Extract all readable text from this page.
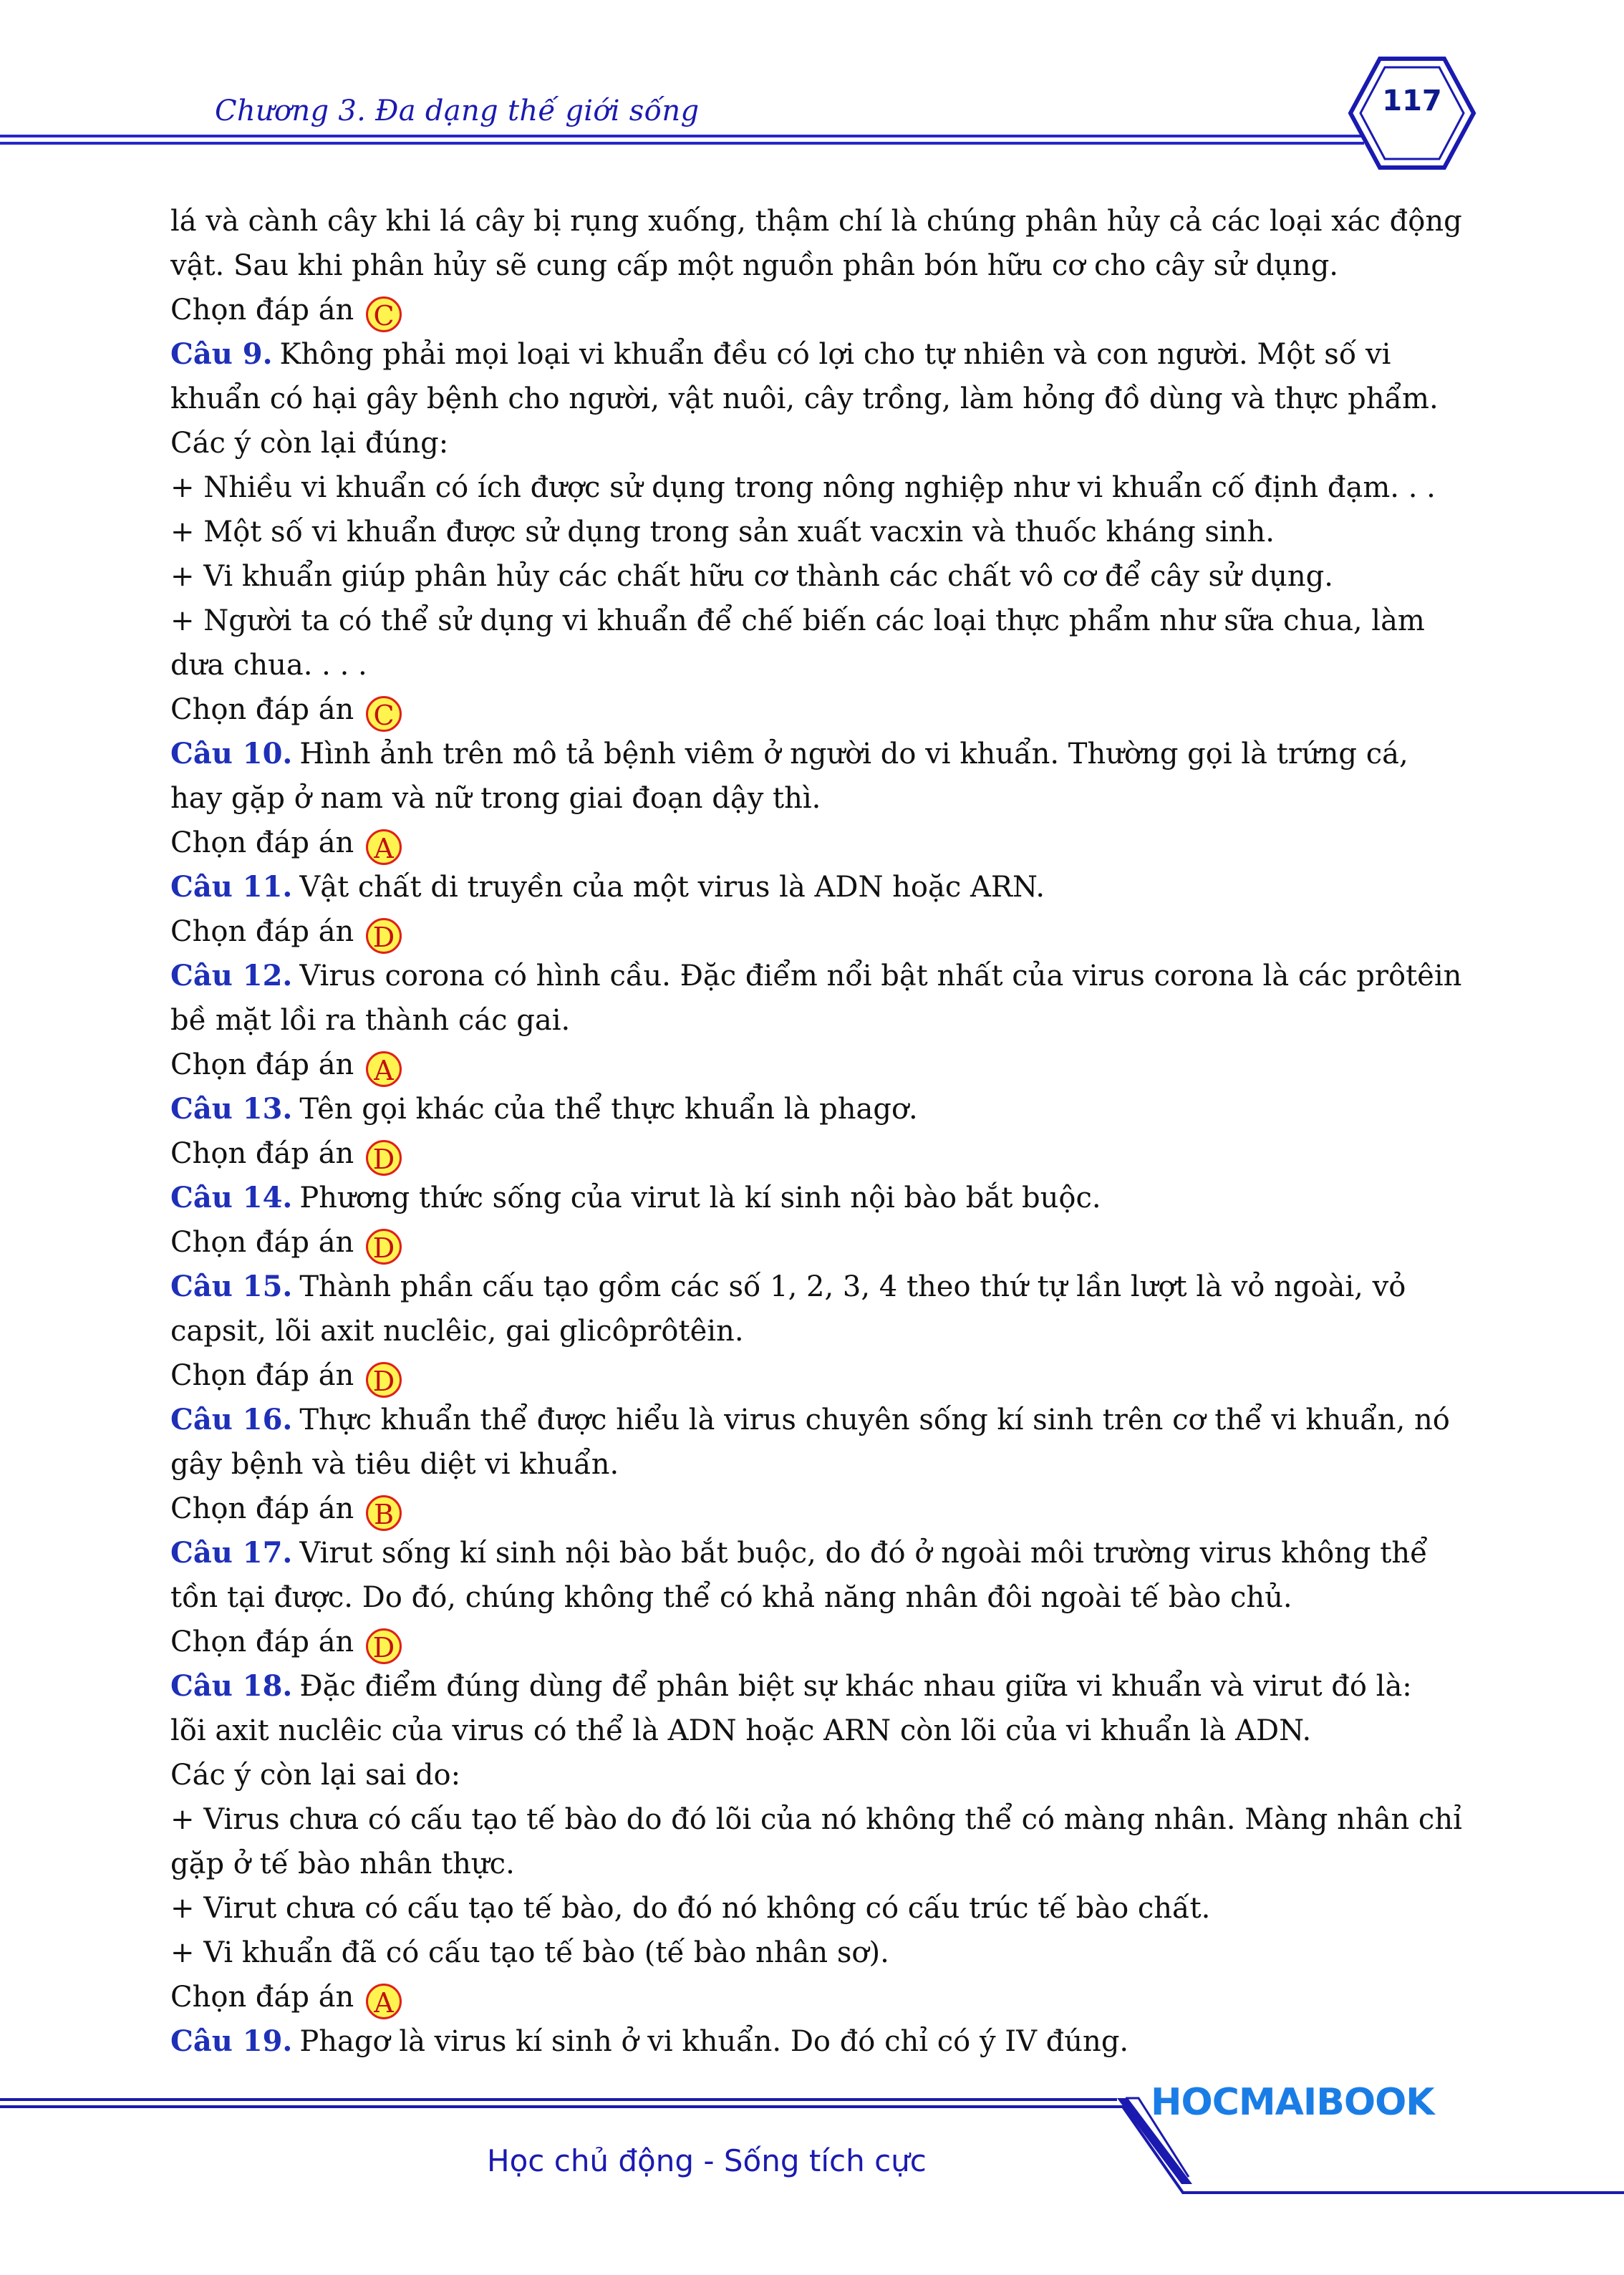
Chương 3. Đa dạng thế giới sống	117
lá và cành cây khi lá cây bị rụng xuống, thậm chí là chúng phân hủy cả các loại xác động
vật. Sau khi phân hủy sẽ cung cấp một nguồn phân bón hữu cơ cho cây sử dụng.
Chọn đáp án C
Câu 9. Không phải mọi loại vi khuẩn đều có lợi cho tự nhiên và con người. Một số vi
khuẩn có hại gây bệnh cho người, vật nuôi, cây trồng, làm hỏng đồ dùng và thực phẩm.
Các ý còn lại đúng:
+ Nhiều vi khuẩn có ích được sử dụng trong nông nghiệp như vi khuẩn cố định đạm. . .
+ Một số vi khuẩn được sử dụng trong sản xuất vacxin và thuốc kháng sinh.
+ Vi khuẩn giúp phân hủy các chất hữu cơ thành các chất vô cơ để cây sử dụng.
+ Người ta có thể sử dụng vi khuẩn để chế biến các loại thực phẩm như sữa chua, làm
dưa chua. . . .
Chọn đáp án C
Câu 10. Hình ảnh trên mô tả bệnh viêm ở người do vi khuẩn. Thường gọi là trứng cá,
hay gặp ở nam và nữ trong giai đoạn dậy thì.
Chọn đáp án A
Câu 11. Vật chất di truyền của một virus là ADN hoặc ARN.
Chọn đáp án D
Câu 12. Virus corona có hình cầu. Đặc điểm nổi bật nhất của virus corona là các prôtêin
bề mặt lồi ra thành các gai.
Chọn đáp án A
Câu 13. Tên gọi khác của thể thực khuẩn là phagơ.
Chọn đáp án D
Câu 14. Phương thức sống của virut là kí sinh nội bào bắt buộc.
Chọn đáp án D
Câu 15. Thành phần cấu tạo gồm các số 1, 2, 3, 4 theo thứ tự lần lượt là vỏ ngoài, vỏ
capsit, lõi axit nuclêic, gai glicôprôtêin.
Chọn đáp án D
Câu 16. Thực khuẩn thể được hiểu là virus chuyên sống kí sinh trên cơ thể vi khuẩn, nó
gây bệnh và tiêu diệt vi khuẩn.
Chọn đáp án B
Câu 17. Virut sống kí sinh nội bào bắt buộc, do đó ở ngoài môi trường virus không thể
tồn tại được. Do đó, chúng không thể có khả năng nhân đôi ngoài tế bào chủ.
Chọn đáp án D
Câu 18. Đặc điểm đúng dùng để phân biệt sự khác nhau giữa vi khuẩn và virut đó là:
lõi axit nuclêic của virus có thể là ADN hoặc ARN còn lõi của vi khuẩn là ADN.
Các ý còn lại sai do:
+ Virus chưa có cấu tạo tế bào do đó lõi của nó không thể có màng nhân. Màng nhân chỉ
gặp ở tế bào nhân thực.
+ Virut chưa có cấu tạo tế bào, do đó nó không có cấu trúc tế bào chất.
+ Vi khuẩn đã có cấu tạo tế bào (tế bào nhân sơ).
Chọn đáp án A
Câu 19. Phagơ là virus kí sinh ở vi khuẩn. Do đó chỉ có ý IV đúng.
Học chủ động - Sống tích cực
HOCMAIBOOK
